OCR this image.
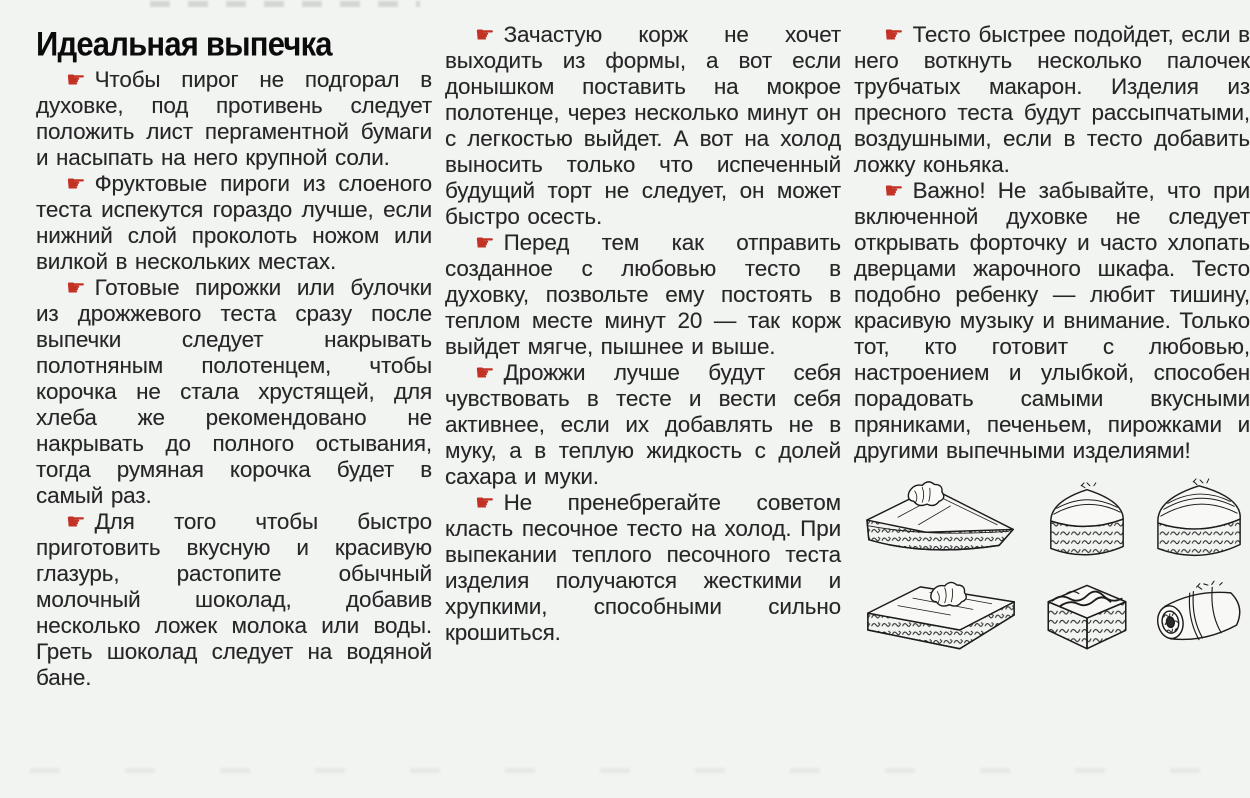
Идеальная выпечка

☛ Чтобы пирог не подгорал в духовке, под противень следует положить лист пергаментной бумаги и насыпать на него крупной соли.

☛ Фруктовые пироги из слоеного теста испекутся гораздо лучше, если нижний слой проколоть ножом или вилкой в нескольких местах.

☛ Готовые пирожки или булочки из дрожжевого теста сразу после выпечки следует накрывать полотняным полотенцем, чтобы корочка не стала хрустящей, для хлеба же рекомендовано не накрывать до полного остывания, тогда румяная корочка будет в самый раз.

☛ Для того чтобы быстро приготовить вкусную и красивую глазурь, растопите обычный молочный шоколад, добавив несколько ложек молока или воды. Греть шоколад следует на водяной бане.

☛ Зачастую корж не хочет выходить из формы, а вот если донышком поставить на мокрое полотенце, через несколько минут он с легкостью выйдет. А вот на холод выносить только что испеченный будущий торт не следует, он может быстро осесть.

☛ Перед тем как отправить созданное с любовью тесто в духовку, позвольте ему постоять в теплом месте минут 20 — так корж выйдет мягче, пышнее и выше.

☛ Дрожжи лучше будут себя чувствовать в тесте и вести себя активнее, если их добавлять не в муку, а в теплую жидкость с долей сахара и муки.

☛ Не пренебрегайте советом класть песочное тесто на холод. При выпекании теплого песочного теста изделия получаются жесткими и хрупкими, способными сильно крошиться.

☛ Тесто быстрее подойдет, если в него воткнуть несколько палочек трубчатых макарон. Изделия из пресного теста будут рассыпчатыми, воздушными, если в тесто добавить ложку коньяка.

☛ Важно! Не забывайте, что при включенной духовке не следует открывать форточку и часто хлопать дверцами жарочного шкафа. Тесто подобно ребенку — любит тишину, красивую музыку и внимание. Только тот, кто готовит с любовью, настроением и улыбкой, способен порадовать самыми вкусными пряниками, печеньем, пирожками и другими выпечными изделиями!
